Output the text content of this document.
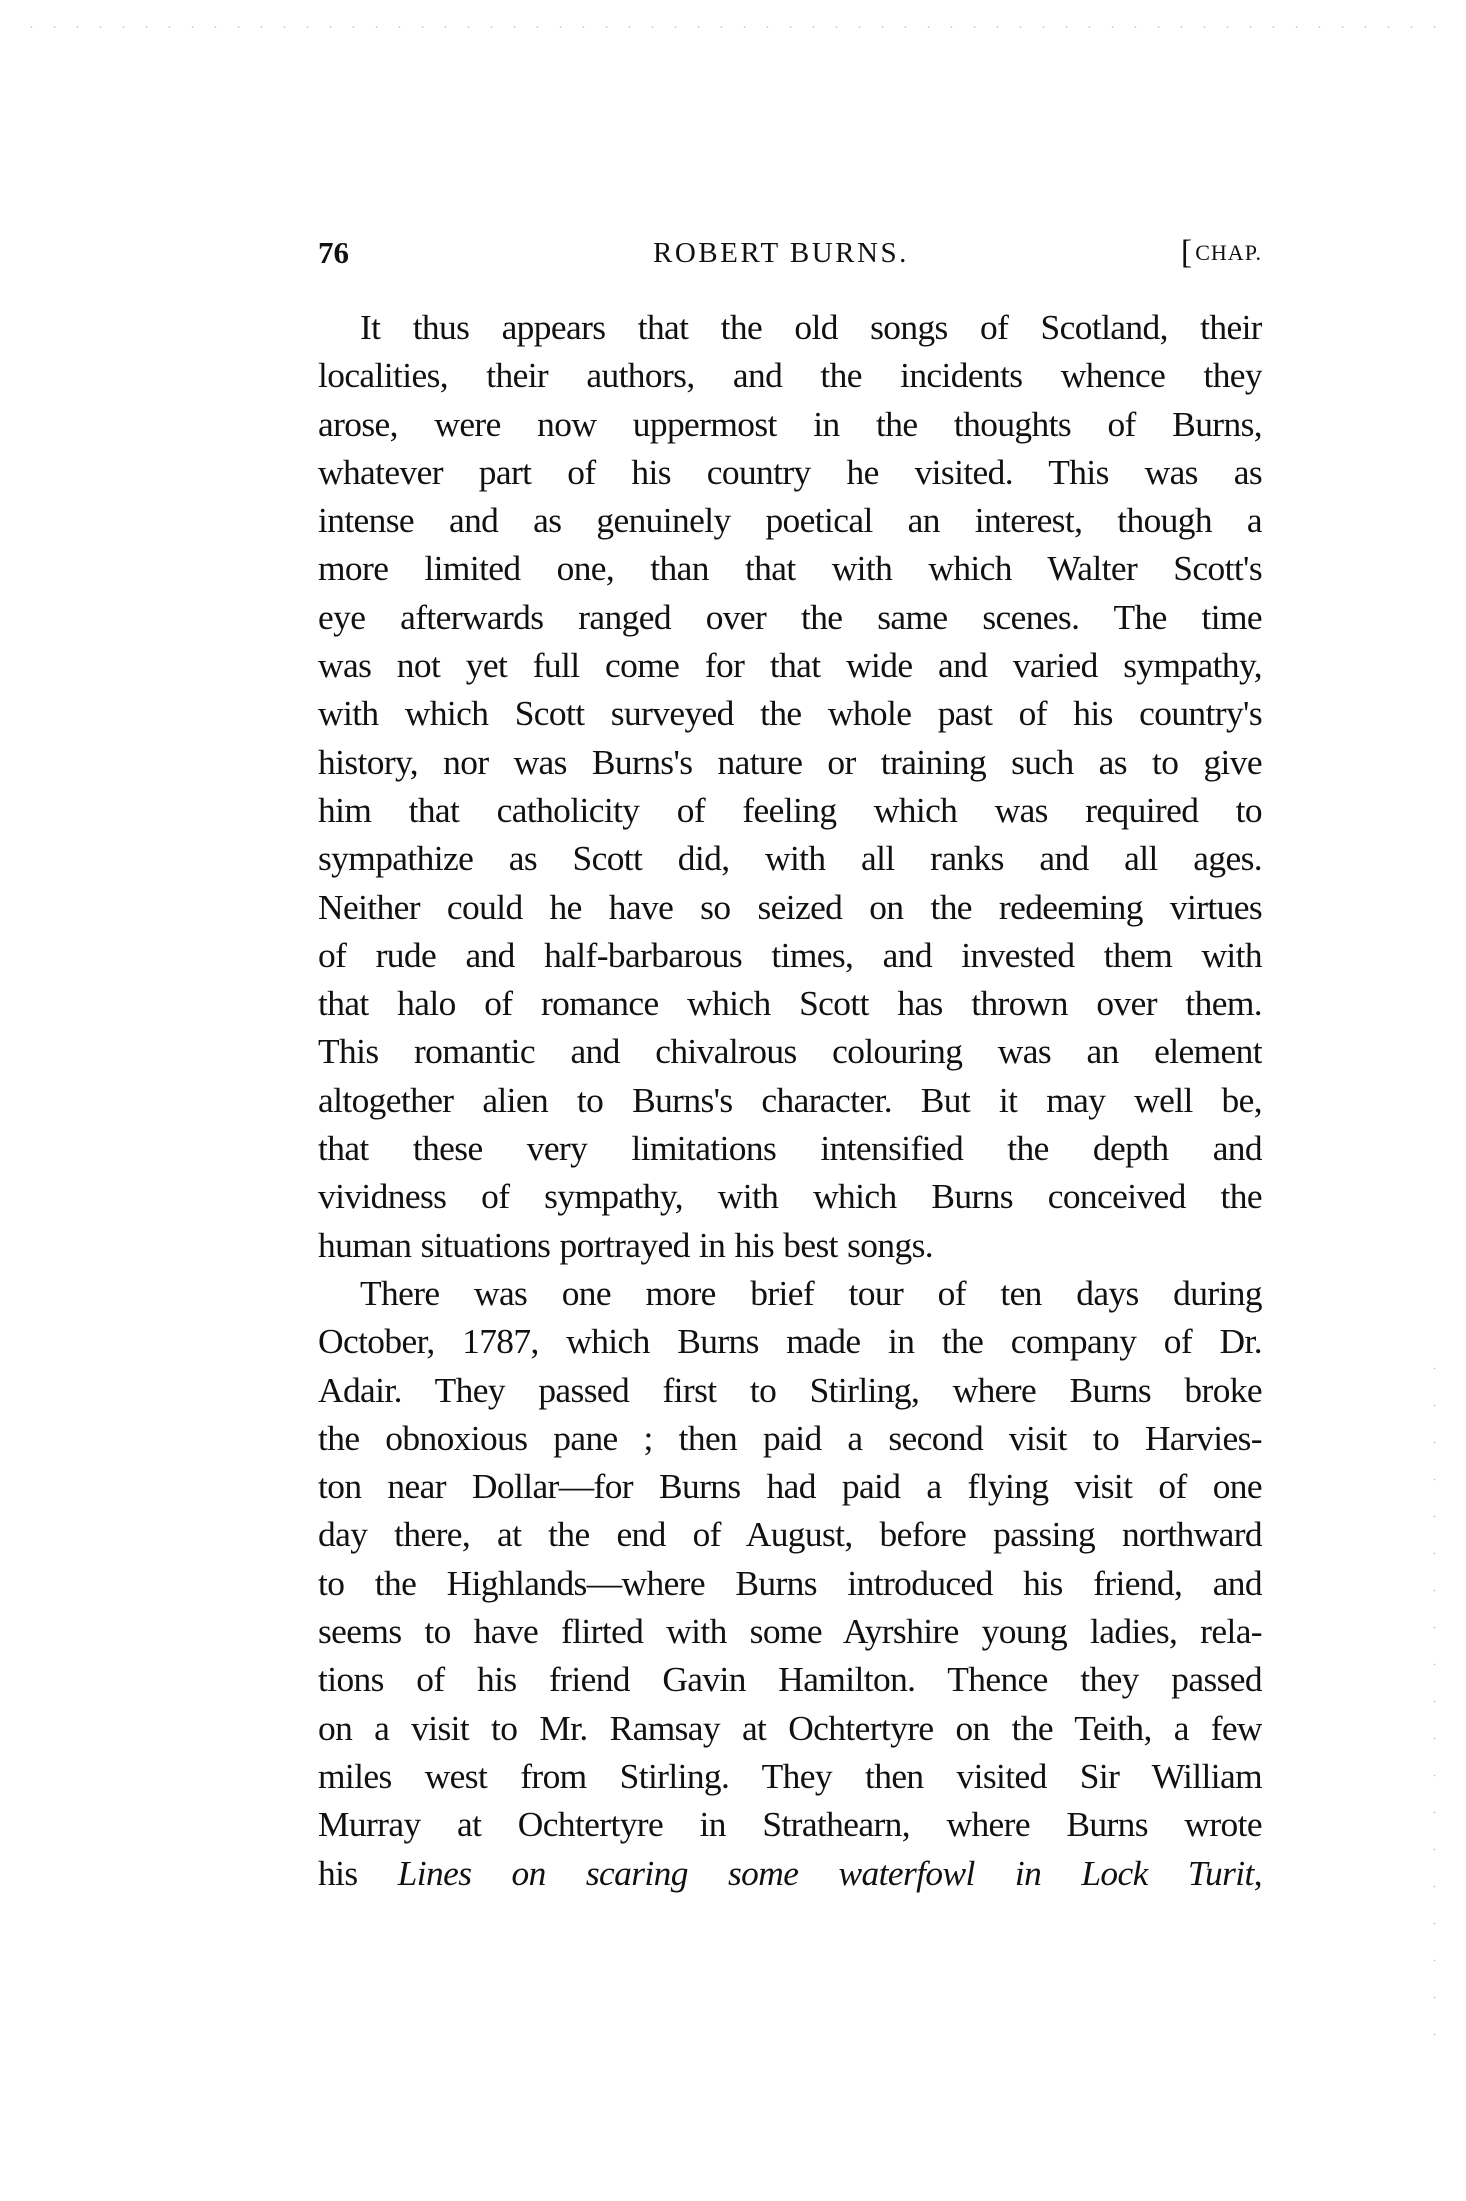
76	ROBERT BURNS.	[CHAP.
It thus appears that the old songs of Scotland, their
localities, their authors, and the incidents whence they
arose, were now uppermost in the thoughts of Burns,
whatever part of his country he visited. This was as
intense and as genuinely poetical an interest, though a
more limited one, than that with which Walter Scott's
eye afterwards ranged over the same scenes. The time
was not yet full come for that wide and varied sympathy,
with which Scott surveyed the whole past of his country's
history, nor was Burns's nature or training such as to give
him that catholicity of feeling which was required to
sympathize as Scott did, with all ranks and all ages.
Neither could he have so seized on the redeeming virtues
of rude and half-barbarous times, and invested them with
that halo of romance which Scott has thrown over them.
This romantic and chivalrous colouring was an element
altogether alien to Burns's character. But it may well be,
that these very limitations intensified the depth and
vividness of sympathy, with which Burns conceived the
human situations portrayed in his best songs.
There was one more brief tour of ten days during
October, 1787, which Burns made in the company of Dr.
Adair. They passed first to Stirling, where Burns broke
the obnoxious pane ; then paid a second visit to Harvies-
ton near Dollar—for Burns had paid a flying visit of one
day there, at the end of August, before passing northward
to the Highlands—where Burns introduced his friend, and
seems to have flirted with some Ayrshire young ladies, rela-
tions of his friend Gavin Hamilton. Thence they passed
on a visit to Mr. Ramsay at Ochtertyre on the Teith, a few
miles west from Stirling. They then visited Sir William
Murray at Ochtertyre in Strathearn, where Burns wrote
his Lines on scaring some waterfowl in Lock Turit,
